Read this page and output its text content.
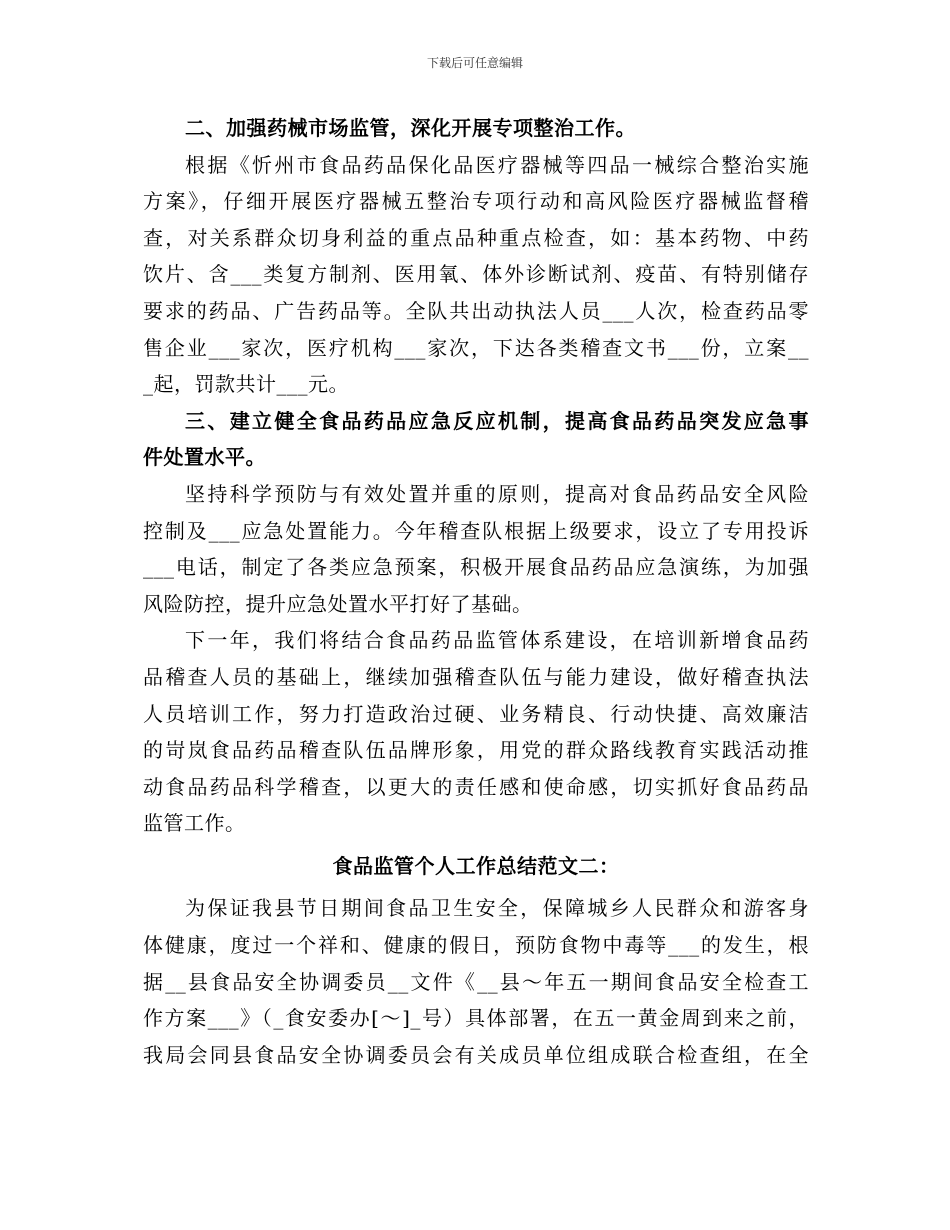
下载后可任意编辑
二、加强药械市场监管，深化开展专项整治工作。
根据《忻州市食品药品保化品医疗器械等四品一械综合整治实施
方案》，仔细开展医疗器械五整治专项行动和高风险医疗器械监督稽
查，对关系群众切身利益的重点品种重点检查，如：基本药物、中药
饮片、含___类复方制剂、医用氧、体外诊断试剂、疫苗、有特别储存
要求的药品、广告药品等。全队共出动执法人员___人次，检查药品零
售企业___家次，医疗机构___家次，下达各类稽查文书___份，立案__
_起，罚款共计___元。
三、建立健全食品药品应急反应机制，提高食品药品突发应急事
件处置水平。
坚持科学预防与有效处置并重的原则，提高对食品药品安全风险
控制及___应急处置能力。今年稽查队根据上级要求，设立了专用投诉
___电话，制定了各类应急预案，积极开展食品药品应急演练，为加强
风险防控，提升应急处置水平打好了基础。
下一年，我们将结合食品药品监管体系建设，在培训新增食品药
品稽查人员的基础上，继续加强稽查队伍与能力建设，做好稽查执法
人员培训工作，努力打造政治过硬、业务精良、行动快捷、高效廉洁
的岢岚食品药品稽查队伍品牌形象，用党的群众路线教育实践活动推
动食品药品科学稽查，以更大的责任感和使命感，切实抓好食品药品
监管工作。
食品监管个人工作总结范文二：
为保证我县节日期间食品卫生安全，保障城乡人民群众和游客身
体健康，度过一个祥和、健康的假日，预防食物中毒等___的发生，根
据__县食品安全协调委员__文件《__县～年五一期间食品安全检查工
作方案___》（_食安委办[～]_号）具体部署，在五一黄金周到来之前，
我局会同县食品安全协调委员会有关成员单位组成联合检查组，在全
